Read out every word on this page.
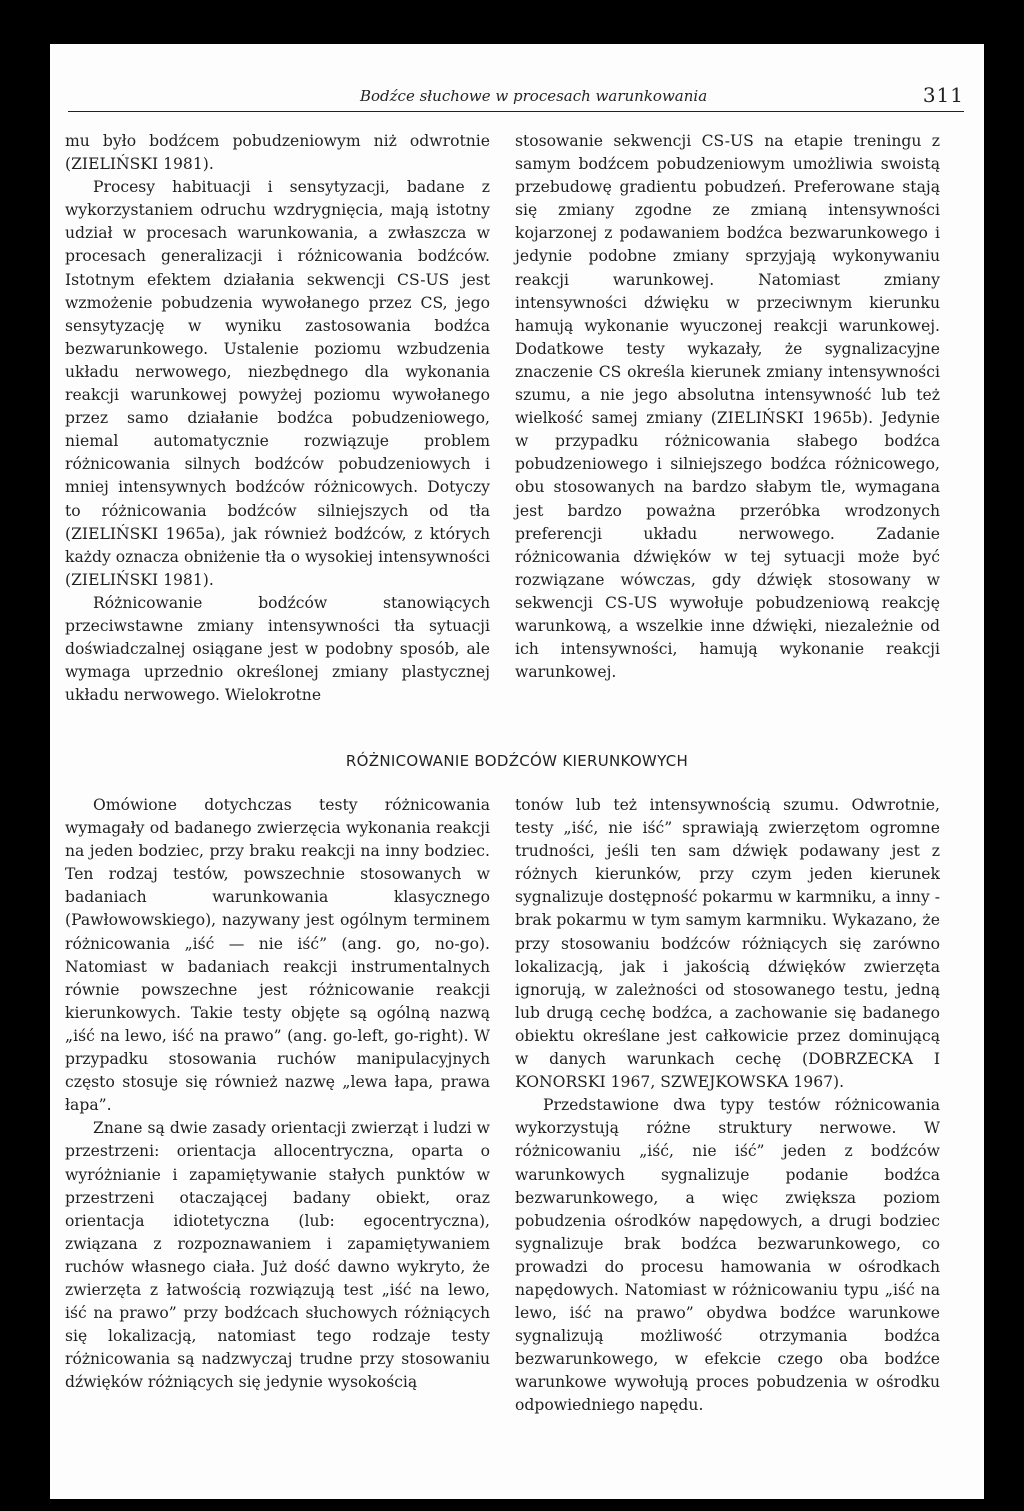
Bodźce słuchowe w procesach warunkowania	311

mu było bodźcem pobudzeniowym niż odwrotnie (ZIELIŃSKI 1981).

Procesy habituacji i sensytyzacji, badane z wykorzystaniem odruchu wzdrygnięcia, mają istotny udział w procesach warunkowania, a zwłaszcza w procesach generalizacji i różnicowania bodźców. Istotnym efektem działania sekwencji CS-US jest wzmożenie pobudzenia wywołanego przez CS, jego sensytyzację w wyniku zastosowania bodźca bezwarunkowego. Ustalenie poziomu wzbudzenia układu nerwowego, niezbędnego dla wykonania reakcji warunkowej powyżej poziomu wywołanego przez samo działanie bodźca pobudzeniowego, niemal automatycznie rozwiązuje problem różnicowania silnych bodźców pobudzeniowych i mniej intensywnych bodźców różnicowych. Dotyczy to różnicowania bodźców silniejszych od tła (ZIELIŃSKI 1965a), jak również bodźców, z których każdy oznacza obniżenie tła o wysokiej intensywności (ZIELIŃSKI 1981).

Różnicowanie bodźców stanowiących przeciwstawne zmiany intensywności tła sytuacji doświadczalnej osiągane jest w podobny sposób, ale wymaga uprzednio określonej zmiany plastycznej układu nerwowego. Wielokrotne

stosowanie sekwencji CS-US na etapie treningu z samym bodźcem pobudzeniowym umożliwia swoistą przebudowę gradientu pobudzeń. Preferowane stają się zmiany zgodne ze zmianą intensywności kojarzonej z podawaniem bodźca bezwarunkowego i jedynie podobne zmiany sprzyjają wykonywaniu reakcji warunkowej. Natomiast zmiany intensywności dźwięku w przeciwnym kierunku hamują wykonanie wyuczonej reakcji warunkowej. Dodatkowe testy wykazały, że sygnalizacyjne znaczenie CS określa kierunek zmiany intensywności szumu, a nie jego absolutna intensywność lub też wielkość samej zmiany (ZIELIŃSKI 1965b). Jedynie w przypadku różnicowania słabego bodźca pobudzeniowego i silniejszego bodźca różnicowego, obu stosowanych na bardzo słabym tle, wymagana jest bardzo poważna przeróbka wrodzonych preferencji układu nerwowego. Zadanie różnicowania dźwięków w tej sytuacji może być rozwiązane wówczas, gdy dźwięk stosowany w sekwencji CS-US wywołuje pobudzeniową reakcję warunkową, a wszelkie inne dźwięki, niezależnie od ich intensywności, hamują wykonanie reakcji warunkowej.

RÓŻNICOWANIE BODŹCÓW KIERUNKOWYCH

Omówione dotychczas testy różnicowania wymagały od badanego zwierzęcia wykonania reakcji na jeden bodziec, przy braku reakcji na inny bodziec. Ten rodzaj testów, powszechnie stosowanych w badaniach warunkowania klasycznego (Pawłowowskiego), nazywany jest ogólnym terminem różnicowania „iść — nie iść” (ang. go, no-go). Natomiast w badaniach reakcji instrumentalnych równie powszechne jest różnicowanie reakcji kierunkowych. Takie testy objęte są ogólną nazwą „iść na lewo, iść na prawo” (ang. go-left, go-right). W przypadku stosowania ruchów manipulacyjnych często stosuje się również nazwę „lewa łapa, prawa łapa”.

Znane są dwie zasady orientacji zwierząt i ludzi w przestrzeni: orientacja allocentryczna, oparta o wyróżnianie i zapamiętywanie stałych punktów w przestrzeni otaczającej badany obiekt, oraz orientacja idiotetyczna (lub: egocentryczna), związana z rozpoznawaniem i zapamiętywaniem ruchów własnego ciała. Już dość dawno wykryto, że zwierzęta z łatwością rozwiązują test „iść na lewo, iść na prawo” przy bodźcach słuchowych różniących się lokalizacją, natomiast tego rodzaje testy różnicowania są nadzwyczaj trudne przy stosowaniu dźwięków różniących się jedynie wysokością

tonów lub też intensywnością szumu. Odwrotnie, testy „iść, nie iść” sprawiają zwierzętom ogromne trudności, jeśli ten sam dźwięk podawany jest z różnych kierunków, przy czym jeden kierunek sygnalizuje dostępność pokarmu w karmniku, a inny - brak pokarmu w tym samym karmniku. Wykazano, że przy stosowaniu bodźców różniących się zarówno lokalizacją, jak i jakością dźwięków zwierzęta ignorują, w zależności od stosowanego testu, jedną lub drugą cechę bodźca, a zachowanie się badanego obiektu określane jest całkowicie przez dominującą w danych warunkach cechę (DOBRZECKA I KONORSKI 1967, SZWEJKOWSKA 1967).

Przedstawione dwa typy testów różnicowania wykorzystują różne struktury nerwowe. W różnicowaniu „iść, nie iść” jeden z bodźców warunkowych sygnalizuje podanie bodźca bezwarunkowego, a więc zwiększa poziom pobudzenia ośrodków napędowych, a drugi bodziec sygnalizuje brak bodźca bezwarunkowego, co prowadzi do procesu hamowania w ośrodkach napędowych. Natomiast w różnicowaniu typu „iść na lewo, iść na prawo” obydwa bodźce warunkowe sygnalizują możliwość otrzymania bodźca bezwarunkowego, w efekcie czego oba bodźce warunkowe wywołują proces pobudzenia w ośrodku odpowiedniego napędu.
